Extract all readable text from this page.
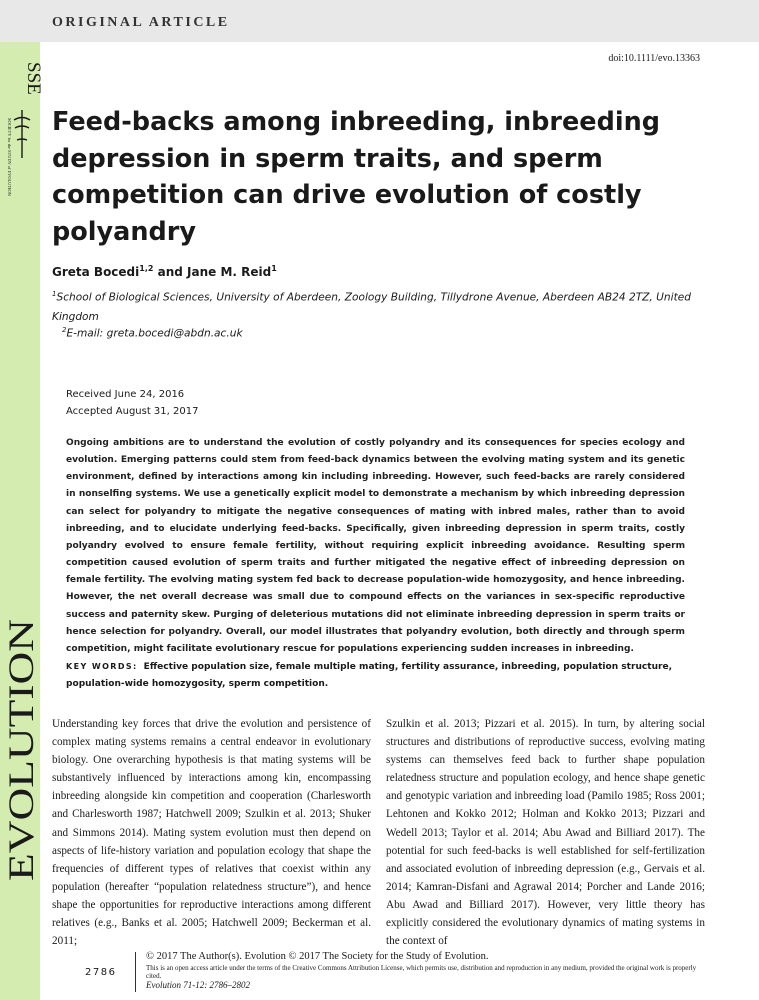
ORIGINAL ARTICLE
SSE
SOCIETY for the STUDY of EVOLUTION
EVOLUTION
doi:10.1111/evo.13363
Feed-backs among inbreeding, inbreeding depression in sperm traits, and sperm competition can drive evolution of costly polyandry
Greta Bocedi$^{1,2}$ and Jane M. Reid$^1$
$^1$School of Biological Sciences, University of Aberdeen, Zoology Building, Tillydrone Avenue, Aberdeen AB24 2TZ, United Kingdom
$^2$E-mail: greta.bocedi@abdn.ac.uk
Received June 24, 2016
Accepted August 31, 2017

Ongoing ambitions are to understand the evolution of costly polyandry and its consequences for species ecology and evolution. Emerging patterns could stem from feed-back dynamics between the evolving mating system and its genetic environment, defined by interactions among kin including inbreeding. However, such feed-backs are rarely considered in nonselfing systems. We use a genetically explicit model to demonstrate a mechanism by which inbreeding depression can select for polyandry to mitigate the negative consequences of mating with inbred males, rather than to avoid inbreeding, and to elucidate underlying feed-backs. Specifically, given inbreeding depression in sperm traits, costly polyandry evolved to ensure female fertility, without requiring explicit inbreeding avoidance. Resulting sperm competition caused evolution of sperm traits and further mitigated the negative effect of inbreeding depression on female fertility. The evolving mating system fed back to decrease population-wide homozygosity, and hence inbreeding. However, the net overall decrease was small due to compound effects on the variances in sex-specific reproductive success and paternity skew. Purging of deleterious mutations did not eliminate inbreeding depression in sperm traits or hence selection for polyandry. Overall, our model illustrates that polyandry evolution, both directly and through sperm competition, might facilitate evolutionary rescue for populations experiencing sudden increases in inbreeding.

KEY WORDS: Effective population size, female multiple mating, fertility assurance, inbreeding, population structure, population-wide homozygosity, sperm competition.

Understanding key forces that drive the evolution and persistence of complex mating systems remains a central endeavor in evolutionary biology. One overarching hypothesis is that mating systems will be substantively influenced by interactions among kin, encompassing inbreeding alongside kin competition and cooperation (Charlesworth and Charlesworth 1987; Hatchwell 2009; Szulkin et al. 2013; Shuker and Simmons 2014). Mating system evolution must then depend on aspects of life-history variation and population ecology that shape the frequencies of different types of relatives that coexist within any population (hereafter “population relatedness structure”), and hence shape the opportunities for reproductive interactions among different relatives (e.g., Banks et al. 2005; Hatchwell 2009; Beckerman et al. 2011;

Szulkin et al. 2013; Pizzari et al. 2015). In turn, by altering social structures and distributions of reproductive success, evolving mating systems can themselves feed back to further shape population relatedness structure and population ecology, and hence shape genetic and genotypic variation and inbreeding load (Pamilo 1985; Ross 2001; Lehtonen and Kokko 2012; Holman and Kokko 2013; Pizzari and Wedell 2013; Taylor et al. 2014; Abu Awad and Billiard 2017). The potential for such feed-backs is well established for self-fertilization and associated evolution of inbreeding depression (e.g., Gervais et al. 2014; Kamran-Disfani and Agrawal 2014; Porcher and Lande 2016; Abu Awad and Billiard 2017). However, very little theory has explicitly considered the evolutionary dynamics of mating systems in the context of

2786
© 2017 The Author(s). Evolution © 2017 The Society for the Study of Evolution.
This is an open access article under the terms of the Creative Commons Attribution License, which permits use, distribution and reproduction in any medium, provided the original work is properly cited.
Evolution 71-12: 2786–2802
